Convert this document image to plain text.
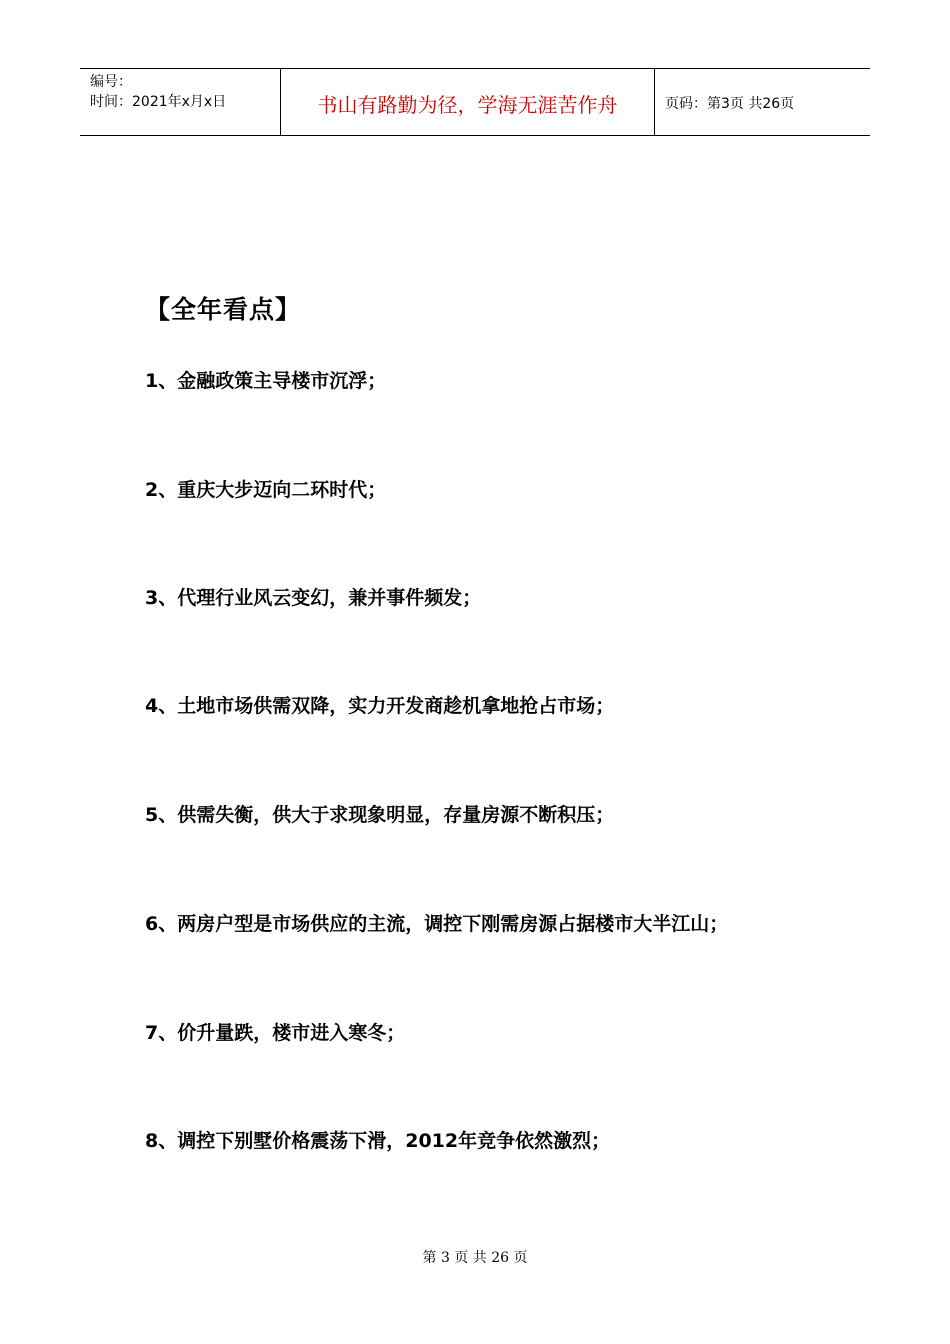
编号：
时间：2021年x月x日	书山有路勤为径，学海无涯苦作舟	页码：第3页 共26页
【全年看点】
1、金融政策主导楼市沉浮；
2、重庆大步迈向二环时代；
3、代理行业风云变幻，兼并事件频发；
4、土地市场供需双降，实力开发商趁机拿地抢占市场；
5、供需失衡，供大于求现象明显，存量房源不断积压；
6、两房户型是市场供应的主流，调控下刚需房源占据楼市大半江山；
7、价升量跌，楼市进入寒冬；
8、调控下别墅价格震荡下滑，2012年竞争依然激烈；
第 3 页 共 26 页
